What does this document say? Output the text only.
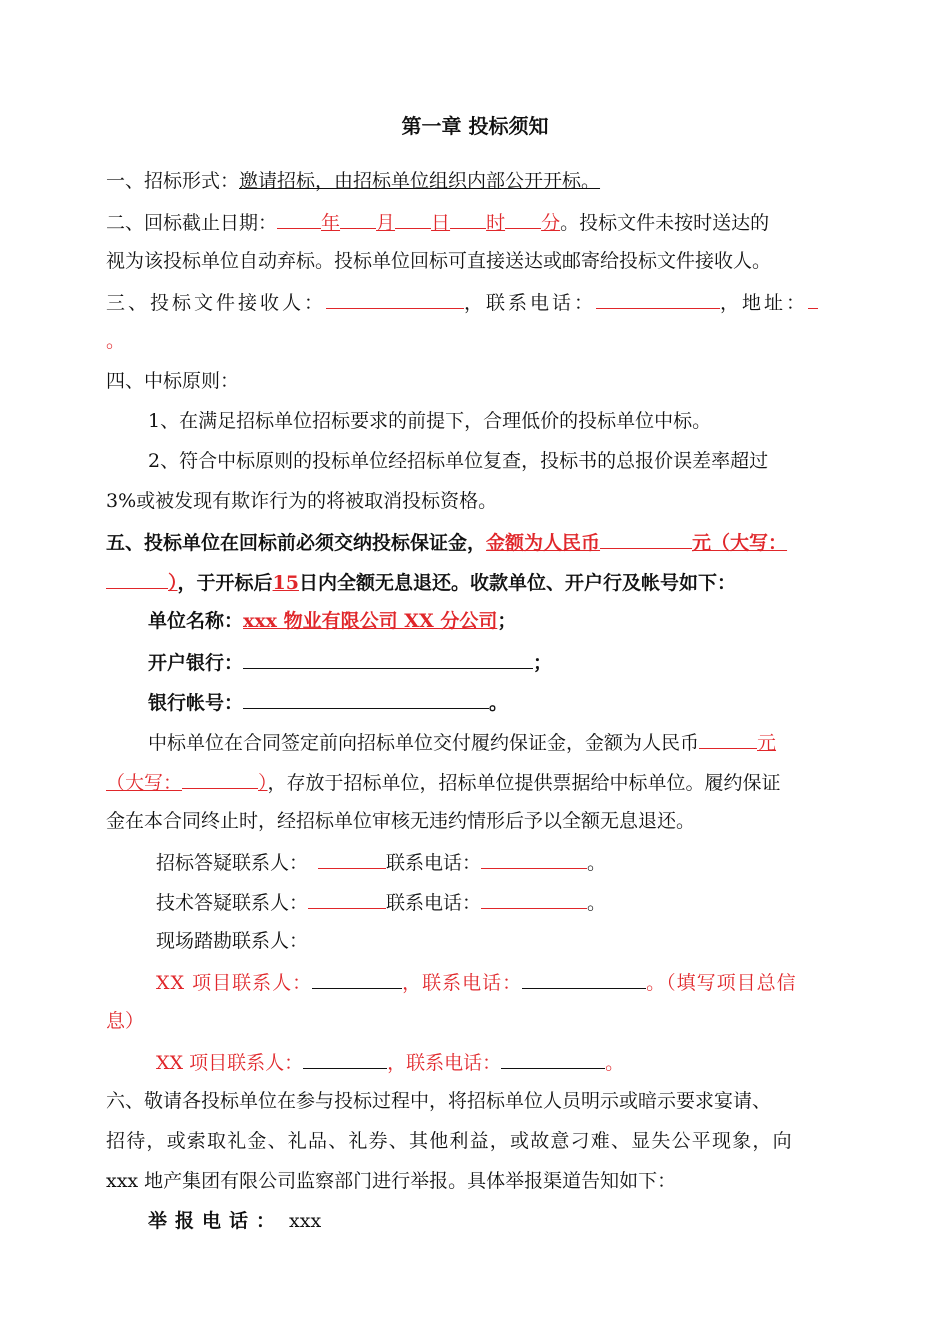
第一章 投标须知
一、招标形式：邀请招标，由招标单位组织内部公开开标。
二、回标截止日期： 年 月 日 时 分。投标文件未按时送达的
视为该投标单位自动弃标。投标单位回标可直接送达或邮寄给投标文件接收人。
三、投标文件接收人：	，联系电话：	，地址：
。
四、中标原则：
1、在满足招标单位招标要求的前提下，合理低价的投标单位中标。
2、符合中标原则的投标单位经招标单位复查，投标书的总报价误差率超过
3%或被发现有欺诈行为的将被取消投标资格。
五、投标单位在回标前必须交纳投标保证金，金额为人民币	元（大写：
），于开标后15日内全额无息退还。收款单位、开户行及帐号如下：
单位名称：xxx 物业有限公司 XX 分公司；
开户银行：	；
银行帐号：	。
中标单位在合同签定前向招标单位交付履约保证金，金额为人民币	元
（大写：	），存放于招标单位，招标单位提供票据给中标单位。履约保证
金在本合同终止时，经招标单位审核无违约情形后予以全额无息退还。
招标答疑联系人：	联系电话：	。
技术答疑联系人：	联系电话：	。
现场踏勘联系人：
XX 项目联系人：	，联系电话：	。（填写项目总信
息）
XX 项目联系人：	，联系电话：	。
六、敬请各投标单位在参与投标过程中，将招标单位人员明示或暗示要求宴请、
招待，或索取礼金、礼品、礼券、其他利益，或故意刁难、显失公平现象，向
xxx 地产集团有限公司监察部门进行举报。具体举报渠道告知如下：
举报电话： xxx
